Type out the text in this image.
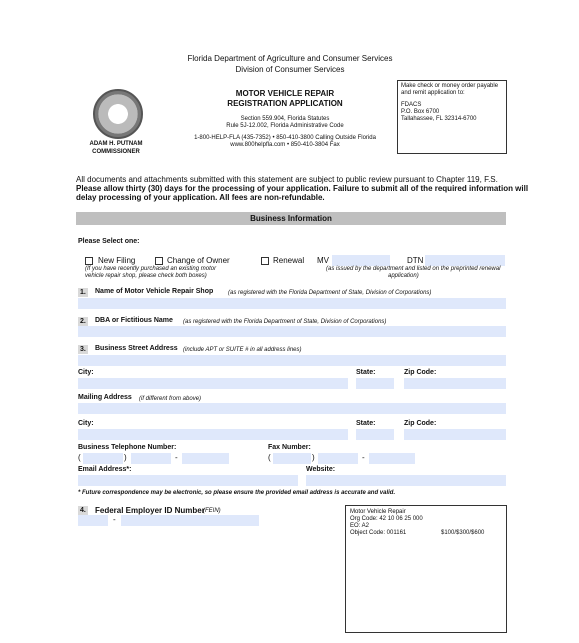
Florida Department of Agriculture and Consumer Services
Division of Consumer Services
ADAM H. PUTNAM
COMMISSIONER
MOTOR VEHICLE REPAIR
REGISTRATION APPLICATION
Section 559.904, Florida Statutes
Rule 5J-12.002, Florida Administrative Code
1-800-HELP-FLA (435-7352) • 850-410-3800 Calling Outside Florida
www.800helpfla.com • 850-410-3804 Fax
Make check or money order payable
and remit application to:
FDACS
P.O. Box 6700
Tallahassee, FL 32314-6700
All documents and attachments submitted with this statement are subject to public review pursuant to Chapter 119, F.S.
Please allow thirty (30) days for the processing of your application. Failure to submit all of the required information will
delay processing of your application. All fees are non-refundable.
Business Information
Please Select one:
New Filing	Change of Owner
(If you have recently purchased an existing motor
vehicle repair shop, please check both boxes)
Renewal MV	DTN
(as issued by the department and listed on the preprinted renewal
application)
1. Name of Motor Vehicle Repair Shop (as registered with the Florida Department of State, Division of Corporations)
2. DBA or Fictitious Name (as registered with the Florida Department of State, Division of Corporations)
3. Business Street Address (include APT or SUITE # in all address lines)
City:	State:	Zip Code:
Mailing Address (if different from above)
City:	State:	Zip Code:
Business Telephone Number:
(	)	-
Fax Number:
(	)	-
Email Address*:	Website:
* Future correspondence may be electronic, so please ensure the provided email address is accurate and valid.
4. Federal Employer ID Number
(FEIN)
-
Motor Vehicle Repair
Org Code: 42 10 06 25 000
EO: A2
Object Code: 001161	$100/$300/$600
